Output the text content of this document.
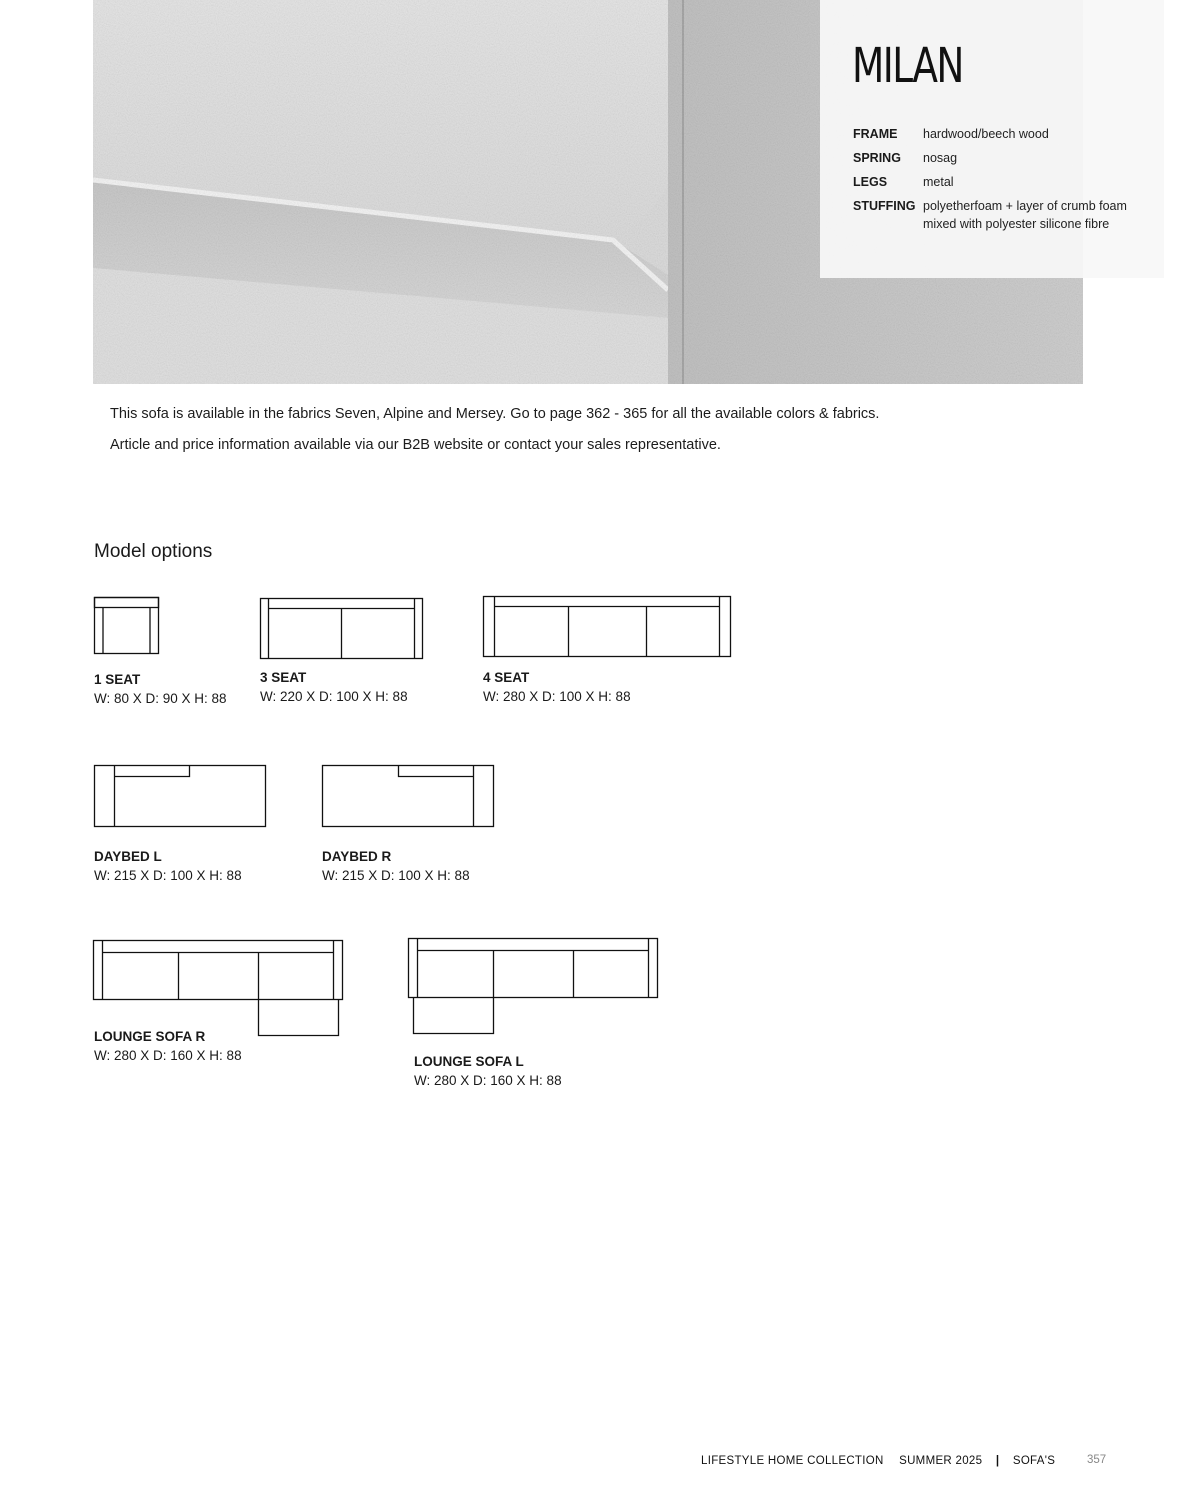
MILAN
FRAME	hardwood/beech wood
SPRING	nosag
LEGS	metal
STUFFING polyetherfoam + layer of crumb foam mixed with polyester silicone fibre

This sofa is available in the fabrics Seven, Alpine and Mersey. Go to page 362 - 365 for all the available colors & fabrics.

Article and price information available via our B2B website or contact your sales representative.

Model options
1 SEAT
W: 80 X D: 90 X H: 88
3 SEAT
W: 220 X D: 100 X H: 88
4 SEAT
W: 280 X D: 100 X H: 88
DAYBED L
W: 215 X D: 100 X H: 88
DAYBED R
W: 215 X D: 100 X H: 88
LOUNGE SOFA R
W: 280 X D: 160 X H: 88	LOUNGE SOFA L
W: 280 X D: 160 X H: 88
LIFESTYLE HOME COLLECTION SUMMER 2025 | SOFA'S	357
